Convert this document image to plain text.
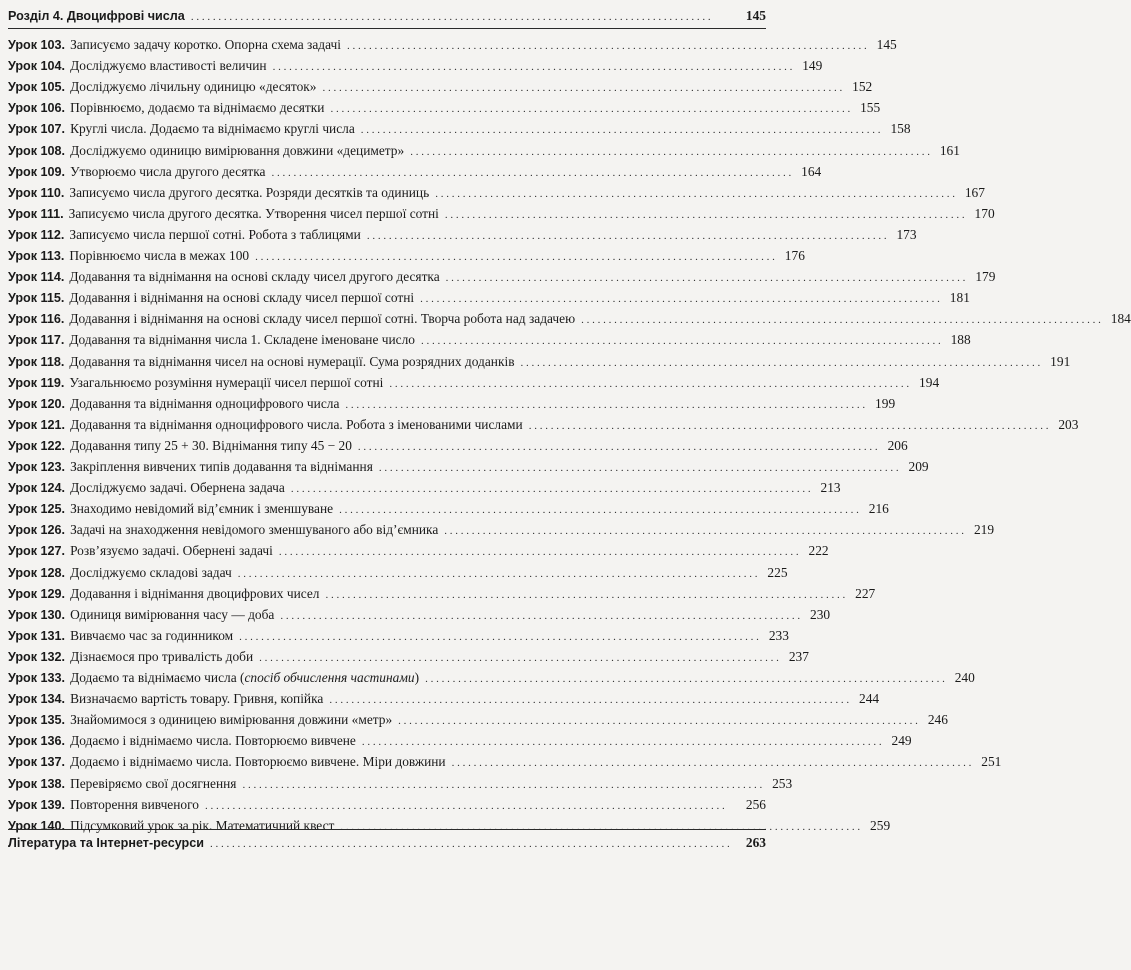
Розділ 4. Двоцифрові числа . . .	145
Урок 103. Записуємо задачу коротко. Опорна схема задачі . . .	145
Урок 104. Досліджуємо властивості величин . . .	149
Урок 105. Досліджуємо лічильну одиницю «десяток» . . .	152
Урок 106. Порівнюємо, додаємо та віднімаємо десятки . . .	155
Урок 107. Круглі числа. Додаємо та віднімаємо круглі числа . . .	158
Урок 108. Досліджуємо одиницю вимірювання довжини «дециметр» . . .	161
Урок 109. Утворюємо числа другого десятка . . .	164
Урок 110. Записуємо числа другого десятка. Розряди десятків та одиниць . . .	167
Урок 111. Записуємо числа другого десятка. Утворення чисел першої сотні . . .	170
Урок 112. Записуємо числа першої сотні. Робота з таблицями . . .	173
Урок 113. Порівнюємо числа в межах 100 . . .	176
Урок 114. Додавання та віднімання на основі складу чисел другого десятка . . .	179
Урок 115. Додавання і віднімання на основі складу чисел першої сотні . . .	181
Урок 116. Додавання і віднімання на основі складу чисел першої сотні. Творча робота над задачею . . .	184
Урок 117. Додавання та віднімання числа 1. Складене іменоване число . . .	188
Урок 118. Додавання та віднімання чисел на основі нумерації. Сума розрядних доданків . . .	191
Урок 119. Узагальнюємо розуміння нумерації чисел першої сотні . . .	194
Урок 120. Додавання та віднімання одноцифрового числа . . .	199
Урок 121. Додавання та віднімання одноцифрового числа. Робота з іменованими числами . . .	203
Урок 122. Додавання типу 25 + 30. Віднімання типу 45 − 20 . . .	206
Урок 123. Закріплення вивчених типів додавання та віднімання . . .	209
Урок 124. Досліджуємо задачі. Обернена задача . . .	213
Урок 125. Знаходимо невідомий від’ємник і зменшуване . . .	216
Урок 126. Задачі на знаходження невідомого зменшуваного або від’ємника . . .	219
Урок 127. Розв’язуємо задачі. Обернені задачі . . .	222
Урок 128. Досліджуємо складові задач . . .	225
Урок 129. Додавання і віднімання двоцифрових чисел . . .	227
Урок 130. Одиниця вимірювання часу — доба . . .	230
Урок 131. Вивчаємо час за годинником . . .	233
Урок 132. Дізнаємося про тривалість доби . . .	237
Урок 133. Додаємо та віднімаємо числа (спосіб обчислення частинами) . . .	240
Урок 134. Визначаємо вартість товару. Гривня, копійка . . .	244
Урок 135. Знайомимося з одиницею вимірювання довжини «метр» . . .	246
Урок 136. Додаємо і віднімаємо числа. Повторюємо вивчене . . .	249
Урок 137. Додаємо і віднімаємо числа. Повторюємо вивчене. Міри довжини . . .	251
Урок 138. Перевіряємо свої досягнення . . .	253
Урок 139. Повторення вивченого . . .	256
Урок 140. Підсумковий урок за рік. Математичний квест . . .	259
Література та Інтернет-ресурси . . .	263
